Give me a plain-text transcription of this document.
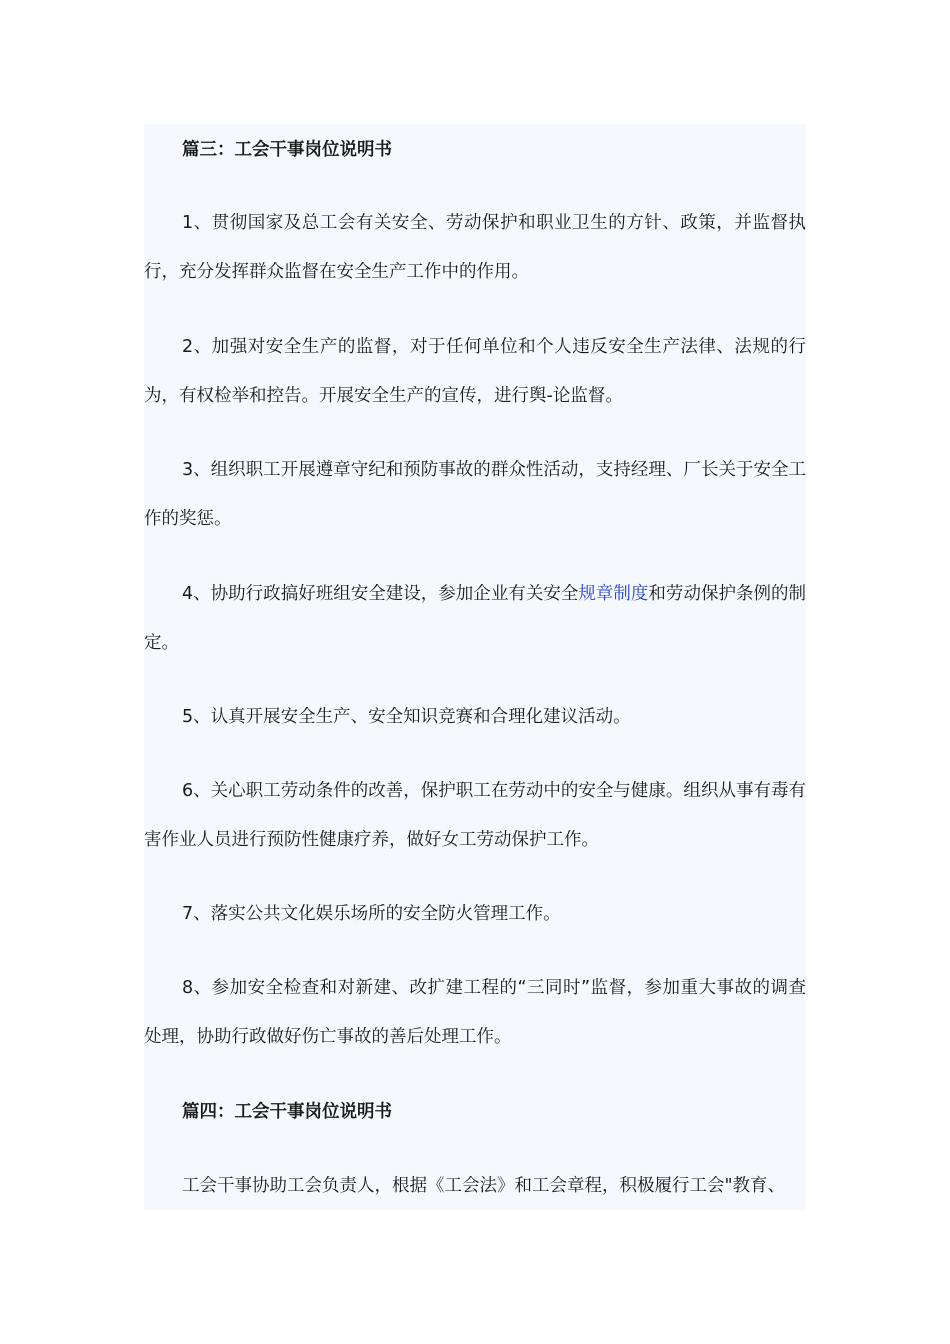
篇三：工会干事岗位说明书

1、贯彻国家及总工会有关安全、劳动保护和职业卫生的方针、政策，并监督执行，充分发挥群众监督在安全生产工作中的作用。

2、加强对安全生产的监督，对于任何单位和个人违反安全生产法律、法规的行为，有权检举和控告。开展安全生产的宣传，进行舆-论监督。

3、组织职工开展遵章守纪和预防事故的群众性活动，支持经理、厂长关于安全工作的奖惩。

4、协助行政搞好班组安全建设，参加企业有关安全规章制度和劳动保护条例的制定。

5、认真开展安全生产、安全知识竞赛和合理化建议活动。

6、关心职工劳动条件的改善，保护职工在劳动中的安全与健康。组织从事有毒有害作业人员进行预防性健康疗养，做好女工劳动保护工作。

7、落实公共文化娱乐场所的安全防火管理工作。

8、参加安全检查和对新建、改扩建工程的“三同时”监督，参加重大事故的调查处理，协助行政做好伤亡事故的善后处理工作。

篇四：工会干事岗位说明书

工会干事协助工会负责人，根据《工会法》和工会章程，积极履行工会"教育、
